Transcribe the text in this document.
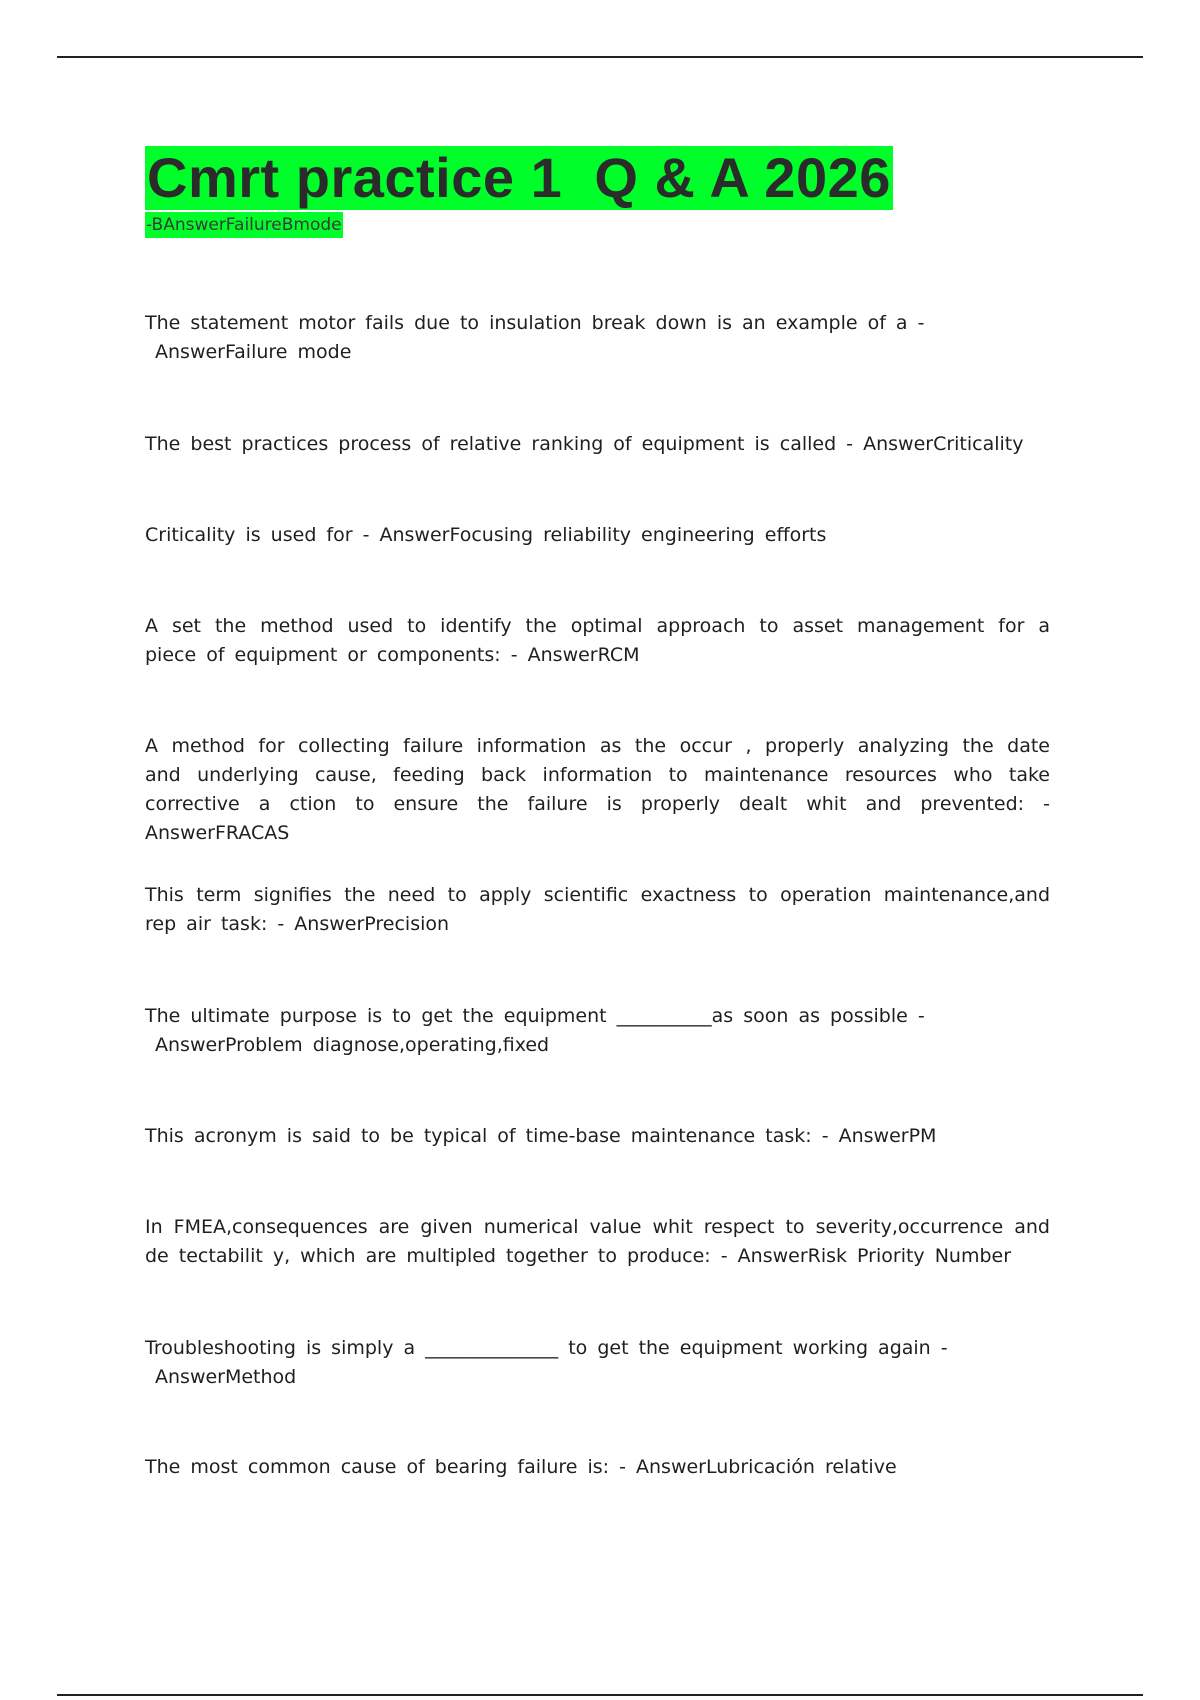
Cmrt practice 1  Q & A 2026
-BAnswerFailureBmode

The statement motor fails due to insulation break down is an example of a -
AnswerFailure mode

The best practices process of relative ranking of equipment is called - AnswerCriticality

Criticality is used for - AnswerFocusing reliability engineering efforts

A set the method used to identify the optimal approach to asset management for a piece of equipment or components: - AnswerRCM

A method for collecting failure information as the occur , properly analyzing the date and underlying cause, feeding back information to maintenance resources who take corrective a ction to ensure the failure is properly dealt whit and prevented: - AnswerFRACAS

This term signifies the need to apply scientific exactness to operation maintenance,and rep air task: - AnswerPrecision

The ultimate purpose is to get the equipment __________as soon as possible -
AnswerProblem diagnose,operating,fixed

This acronym is said to be typical of time-base maintenance task: - AnswerPM

In FMEA,consequences are given numerical value whit respect to severity,occurrence and de tectabilit y, which are multipled together to produce: - AnswerRisk Priority Number

Troubleshooting is simply a ______________ to get the equipment working again -
AnswerMethod

The most common cause of bearing failure is: - AnswerLubricación relative
